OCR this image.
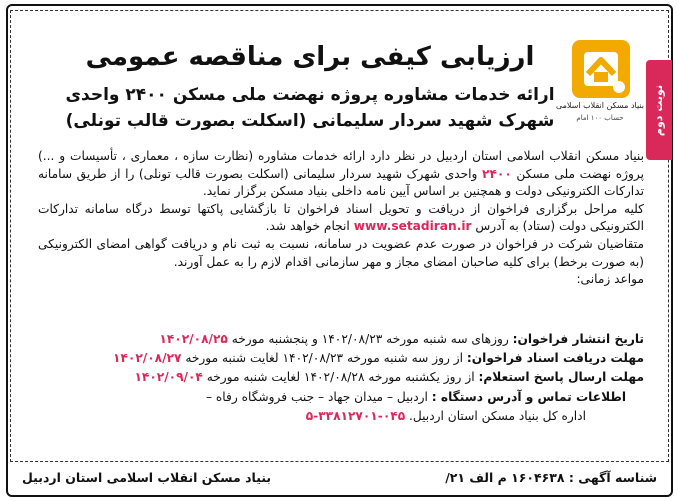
نوبت دوم
بنیاد مسکن انقلاب اسلامی
حساب ۱۰۰ امام
ارزیابی کیفی برای مناقصه عمومی
ارائه خدمات مشاوره پروژه نهضت ملی مسکن ۲۴۰۰ واحدی
شهرک شهید سردار سلیمانی (اسکلت بصورت قالب تونلی)

بنیاد مسکن انقلاب اسلامی استان اردبیل در نظر دارد ارائه خدمات مشاوره (نظارت سازه ، معماری ، تأسیسات و ...) پروژه نهضت ملی مسکن ۲۴۰۰ واحدی شهرک شهید سردار سلیمانی (اسکلت بصورت قالب تونلی) را از طریق سامانه تدارکات الکترونیکی دولت و همچنین بر اساس آیین نامه داخلی بنیاد مسکن برگزار نماید.

کلیه مراحل برگزاری فراخوان از دریافت و تحویل اسناد فراخوان تا بازگشایی پاکتها توسط درگاه سامانه تدارکات الکترونیکی دولت (ستاد) به آدرس www.setadiran.ir انجام خواهد شد.

متقاضیان شرکت در فراخوان در صورت عدم عضویت در سامانه، نسبت به ثبت نام و دریافت گواهی امضای الکترونیکی (به صورت برخط) برای کلیه صاحبان امضای مجاز و مهر سازمانی اقدام لازم را به عمل آورند.

مواعد زمانی:

تاریخ انتشار فراخوان: روزهای سه شنبه مورخه ۱۴۰۲/۰۸/۲۳ و پنجشنبه مورخه ۱۴۰۲/۰۸/۲۵
مهلت دریافت اسناد فراخوان: از روز سه شنبه مورخه ۱۴۰۲/۰۸/۲۳ لغایت شنبه مورخه ۱۴۰۲/۰۸/۲۷
مهلت ارسال پاسخ استعلام: از روز یکشنبه مورخه ۱۴۰۲/۰۸/۲۸ لغایت شنبه مورخه ۱۴۰۲/۰۹/۰۴
اطلاعات تماس و آدرس دستگاه : اردبیل – میدان جهاد – جنب فروشگاه رفاه –
اداره کل بنیاد مسکن استان اردبیل. ۰۴۵-۳۳۸۱۲۷۰۱-۵
شناسه آگهی : ۱۶۰۴۶۳۸ م الف ۲۱/
بنیاد مسکن انقلاب اسلامی استان اردبیل
